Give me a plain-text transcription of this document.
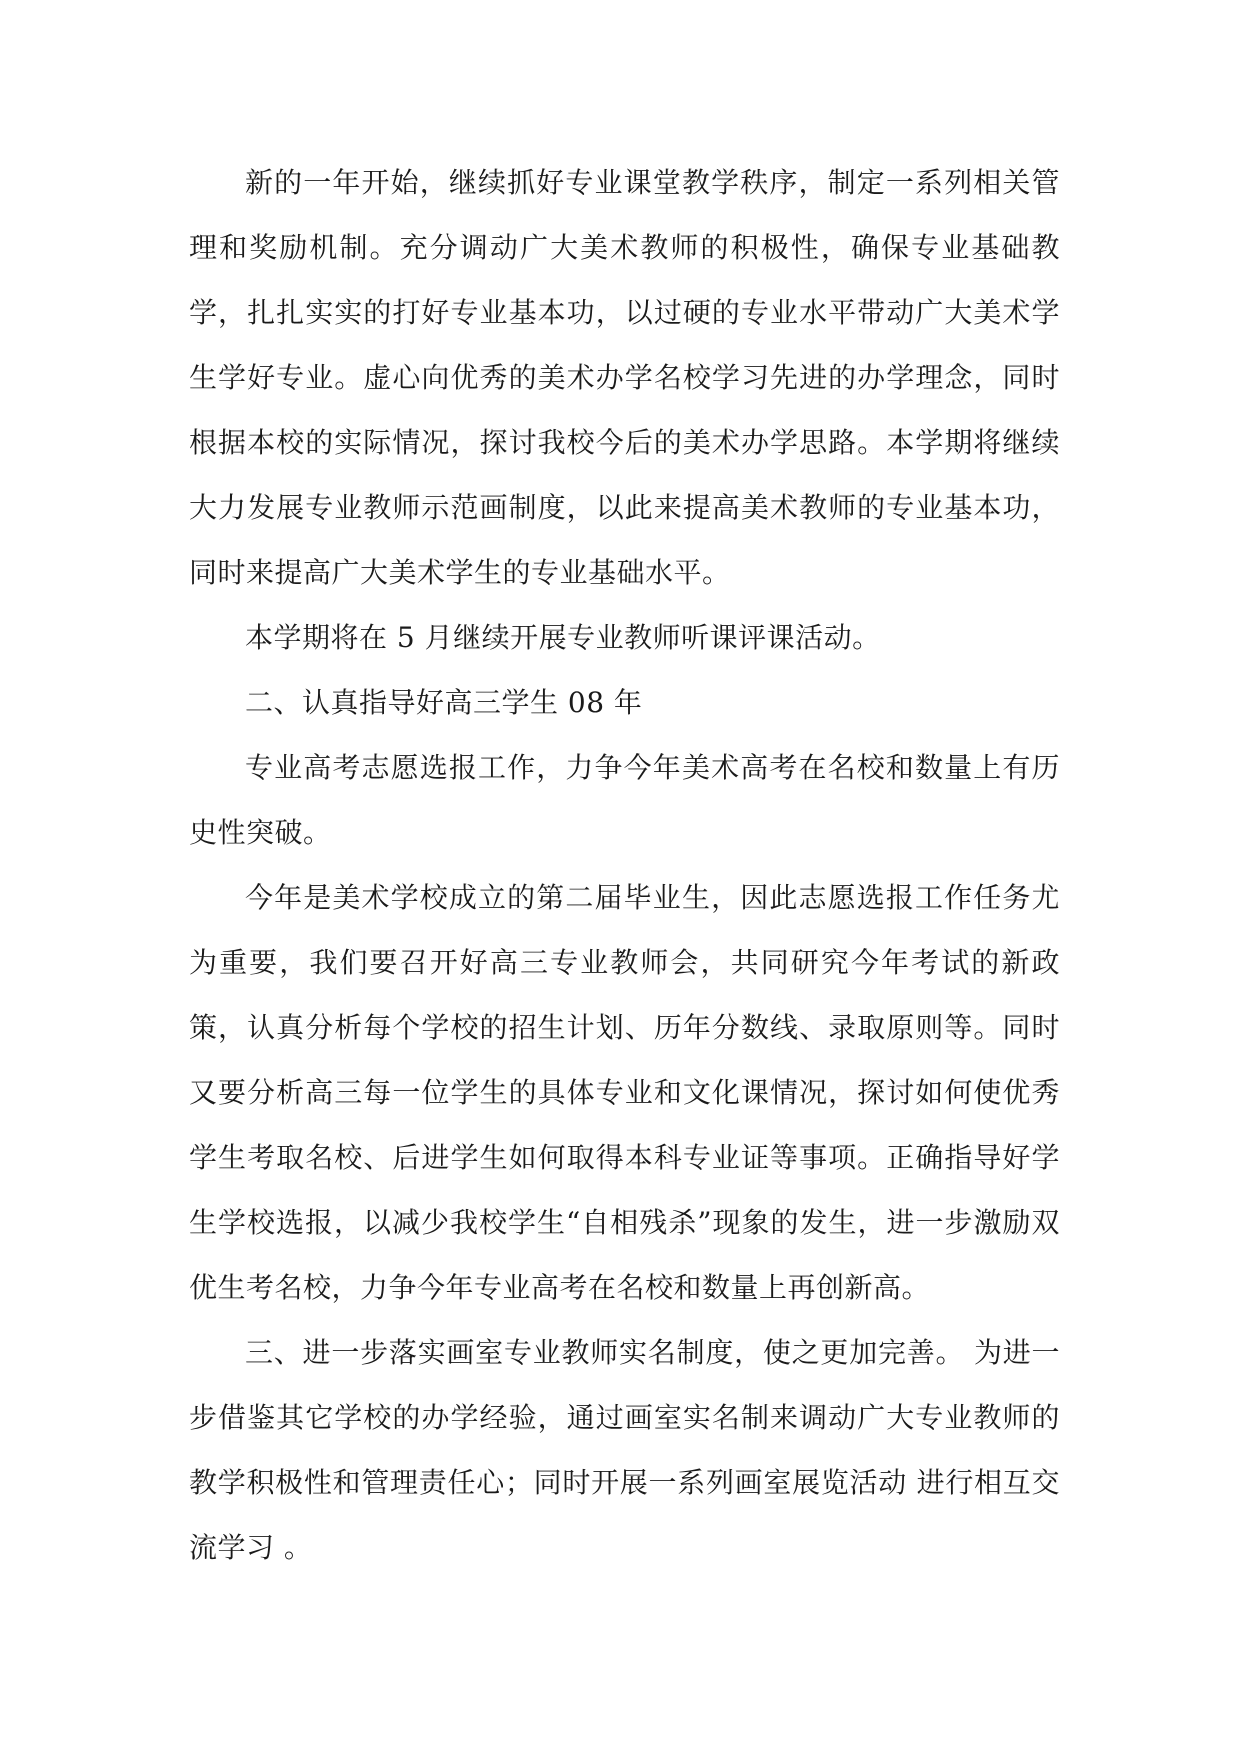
新的一年开始，继续抓好专业课堂教学秩序，制定一系列相关管理和奖励机制。充分调动广大美术教师的积极性，确保专业基础教学，扎扎实实的打好专业基本功，以过硬的专业水平带动广大美术学生学好专业。虚心向优秀的美术办学名校学习先进的办学理念，同时根据本校的实际情况，探讨我校今后的美术办学思路。本学期将继续大力发展专业教师示范画制度，以此来提高美术教师的专业基本功，同时来提高广大美术学生的专业基础水平。

本学期将在 5 月继续开展专业教师听课评课活动。

二、认真指导好高三学生 08 年

专业高考志愿选报工作，力争今年美术高考在名校和数量上有历史性突破。

今年是美术学校成立的第二届毕业生，因此志愿选报工作任务尤为重要，我们要召开好高三专业教师会，共同研究今年考试的新政策，认真分析每个学校的招生计划、历年分数线、录取原则等。同时又要分析高三每一位学生的具体专业和文化课情况，探讨如何使优秀学生考取名校、后进学生如何取得本科专业证等事项。正确指导好学生学校选报，以减少我校学生“自相残杀”现象的发生，进一步激励双优生考名校，力争今年专业高考在名校和数量上再创新高。

三、进一步落实画室专业教师实名制度，使之更加完善。 为进一步借鉴其它学校的办学经验，通过画室实名制来调动广大专业教师的教学积极性和管理责任心；同时开展一系列画室展览活动 进行相互交流学习 。
